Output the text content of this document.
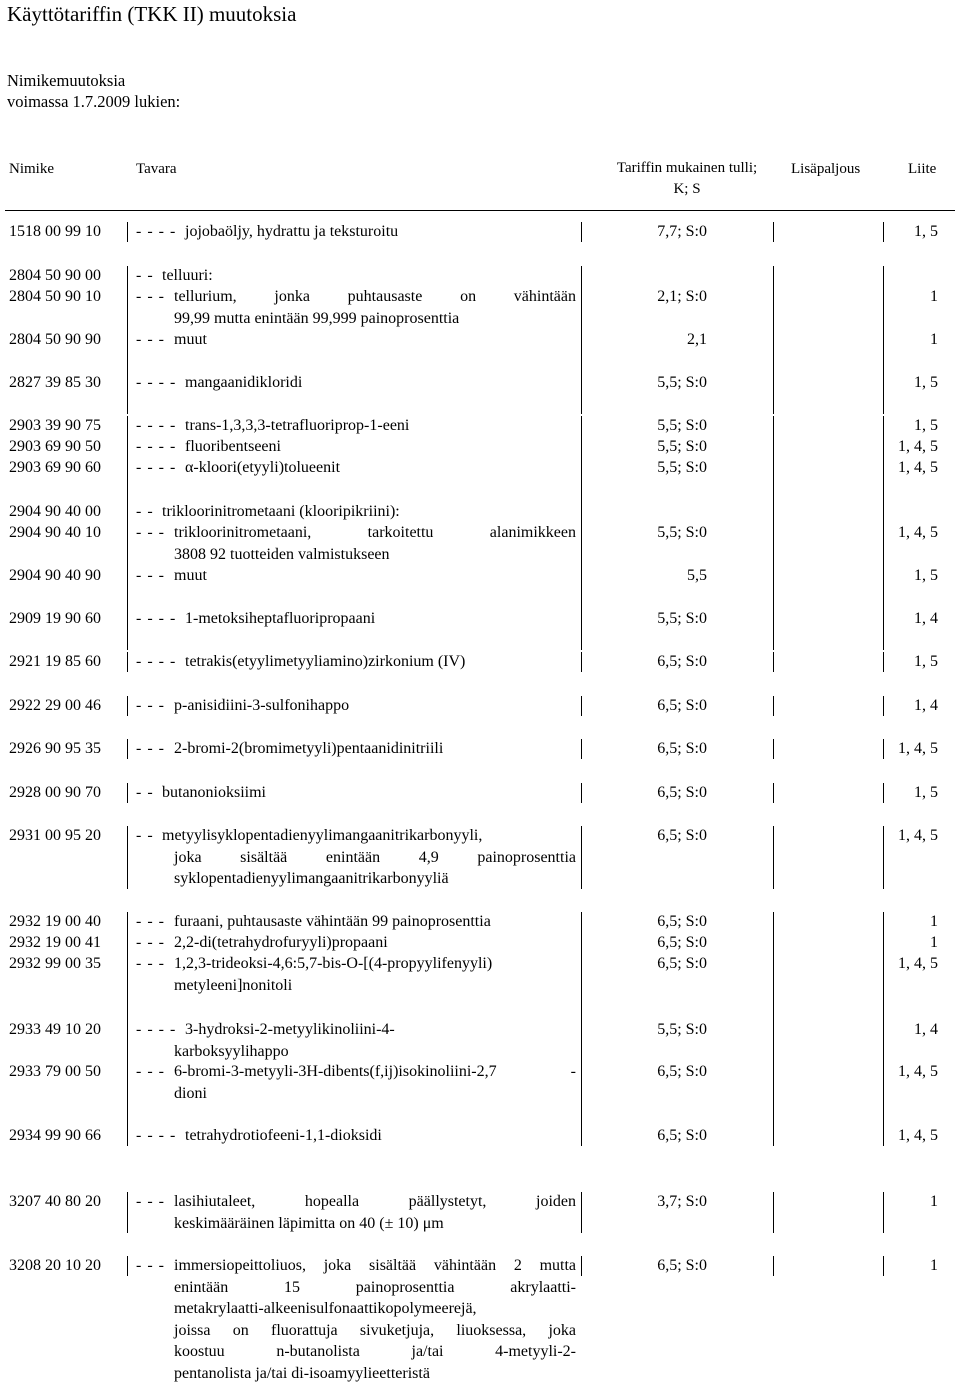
Käyttötariffin (TKK II) muutoksia
Nimikemuutoksia
voimassa 1.7.2009 lukien:
Nimike	Tavara	Tariffin mukainen tulli;
K; S
Lisäpaljous	Liite
1518 00 99 10 - - - - jojobaöljy, hydrattu ja teksturoitu	7,7; S:0	1, 5
2804 50 90 00 - - telluuri:
2804 50 90 10 - - - tellurium, jonka puhtausaste on vähintään
99,99 mutta enintään 99,999 painoprosenttia
2,1; S:0	1
2804 50 90 90 - - - muut	2,1	1
2827 39 85 30 - - - - mangaanidikloridi	5,5; S:0	1, 5
2903 39 90 75 - - - - trans-1,3,3,3-tetrafluoriprop-1-eeni	5,5; S:0	1, 5
2903 69 90 50 - - - - fluoribentseeni	5,5; S:0	1, 4, 5
2903 69 90 60 - - - - α-kloori(etyyli)tolueenit	5,5; S:0	1, 4, 5
2904 90 40 00 - - trikloorinitrometaani (klooripikriini):
2904 90 40 10 - - - trikloorinitrometaani, tarkoitettu alanimikkeen
3808 92 tuotteiden valmistukseen
5,5; S:0	1, 4, 5
2904 90 40 90 - - - muut	5,5	1, 5
2909 19 90 60 - - - - 1-metoksiheptafluoripropaani	5,5; S:0	1, 4
2921 19 85 60 - - - - tetrakis(etyylimetyyliamino)zirkonium (IV)	6,5; S:0	1, 5
2922 29 00 46 - - - p-anisidiini-3-sulfonihappo	6,5; S:0	1, 4
2926 90 95 35 - - - 2-bromi-2(bromimetyyli)pentaanidinitriili	6,5; S:0	1, 4, 5
2928 00 90 70 - - butanonioksiimi	6,5; S:0	1, 5
2931 00 95 20 - - metyylisyklopentadienyylimangaanitrikarbonyyli,
joka sisältää enintään 4,9 painoprosenttia
syklopentadienyylimangaanitrikarbonyyliä
6,5; S:0	1, 4, 5
2932 19 00 40 - - - furaani, puhtausaste vähintään 99 painoprosenttia	6,5; S:0	1
2932 19 00 41 - - - 2,2-di(tetrahydrofuryyli)propaani	6,5; S:0	1
2932 99 00 35 - - - 1,2,3-trideoksi-4,6:5,7-bis-O-[(4-propyylifenyyli)
metyleeni]nonitoli
6,5; S:0	1, 4, 5
2933 49 10 20 - - - - 3-hydroksi-2-metyylikinoliini-4-
karboksyylihappo
5,5; S:0	1, 4
2933 79 00 50 - - - 6-bromi-3-metyyli-3H-dibents(f,ij)isokinoliini-2,7 -
dioni
6,5; S:0	1, 4, 5
2934 99 90 66 - - - - tetrahydrotiofeeni-1,1-dioksidi	6,5; S:0	1, 4, 5
3207 40 80 20 - - - lasihiutaleet, hopealla päällystetyt, joiden
keskimääräinen läpimitta on 40 (± 10) μm
3,7; S:0	1
3208 20 10 20 - - - immersiopeittoliuos, joka sisältää vähintään 2 mutta
enintään 15 painoprosenttia akrylaatti-
metakrylaatti-alkeenisulfonaattikopolymeerejä,
joissa on fluorattuja sivuketjuja, liuoksessa, joka
koostuu n-butanolista ja/tai 4-metyyli-2-
pentanolista ja/tai di-isoamyylieetteristä
6,5; S:0	1
